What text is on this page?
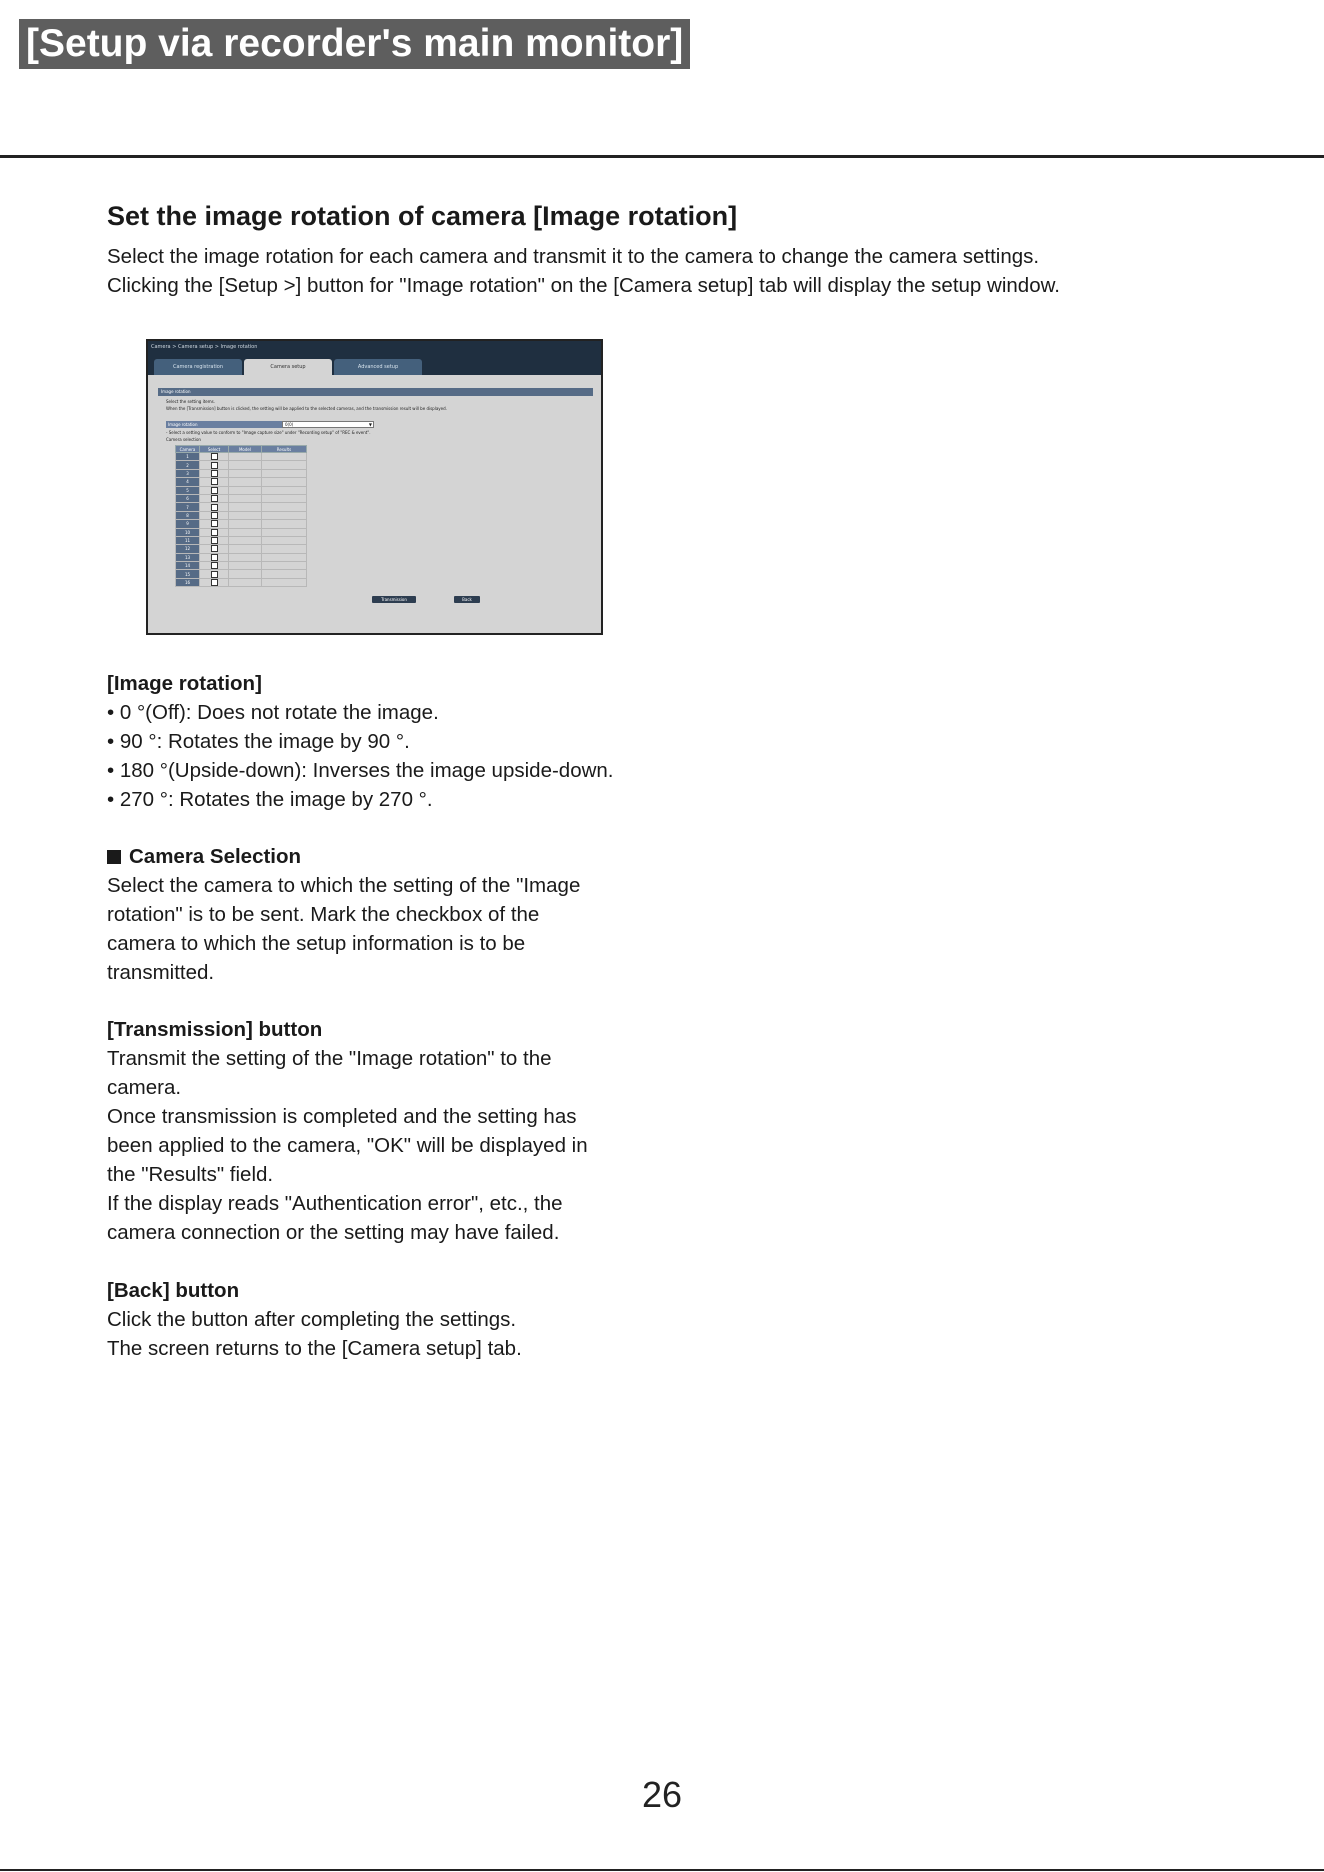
[Setup via recorder's main monitor]
Set the image rotation of camera [Image rotation]

Select the image rotation for each camera and transmit it to the camera to change the camera settings.

Clicking the [Setup >] button for "Image rotation" on the [Camera setup] tab will display the setup window.

Camera > Camera setup > Image rotation
Camera registration	Camera setup	Advanced setup
Image rotation
Select the setting items.
When the [Transmission] button is clicked, the setting will be applied to the selected cameras, and the transmission result will be displayed.
Image rotation	0(0)	▼
- Select a setting value to conform to "Image capture size" under "Recording setup" of "REC & event".
Camera selection
Camera	Select	Model	Results
1	

2	

3	

4	

5	

6	

7	

8	

9	

10	

11	

12	

13	

14	

15	

16	

Transmission	Back

[Image rotation]

• 0 °(Off): Does not rotate the image.
• 90 °: Rotates the image by 90 °.
• 180 °(Upside-down): Inverses the image upside-down.
• 270 °: Rotates the image by 270 °.

Camera Selection

Select the camera to which the setting of the "Image

rotation" is to be sent. Mark the checkbox of the

camera to which the setup information is to be

transmitted.

[Transmission] button

Transmit the setting of the "Image rotation" to the

camera.

Once transmission is completed and the setting has

been applied to the camera, "OK" will be displayed in

the "Results" field.

If the display reads "Authentication error", etc., the

camera connection or the setting may have failed.

[Back] button

Click the button after completing the settings.

The screen returns to the [Camera setup] tab.

26
